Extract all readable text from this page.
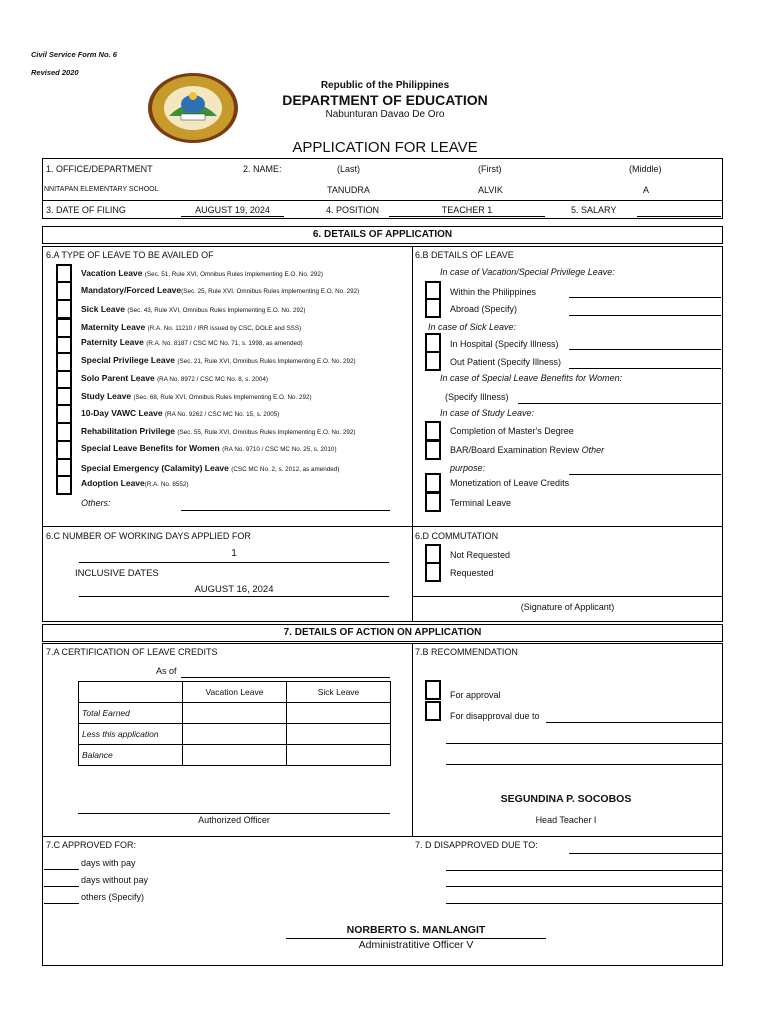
Civil Service Form No. 6
Revised 2020
Republic of the Philippines
DEPARTMENT OF EDUCATION
Nabunturan Davao De Oro
APPLICATION FOR LEAVE
1. OFFICE/DEPARTMENT	2. NAME:	(Last)	(First)	(Middle)
NNITAPAN ELEMENTARY SCHOOL	TANUDRA	ALVIK	A
3. DATE OF FILING	AUGUST 19, 2024	4. POSITION	TEACHER 1	5. SALARY
6. DETAILS OF APPLICATION
6.A TYPE OF LEAVE TO BE AVAILED OF	6.B DETAILS OF LEAVE
Vacation Leave (Sec. 51, Rule XVI, Omnibus Rules Implementing E.O. No. 292)
Mandatory/Forced Leave(Sec. 25, Rule XVI, Omnibus Rules Implementing E.O. No. 292)
Sick Leave (Sec. 43, Rule XVI, Omnibus Rules Implementing E.O. No. 292)
Maternity Leave (R.A. No. 11210 / IRR issued by CSC, DOLE and SSS)
Paternity Leave (R.A. No. 8187 / CSC MC No. 71, s. 1998, as amended)
Special Privilege Leave (Sec. 21, Rule XVI, Omnibus Rules Implementing E.O. No. 292)
Solo Parent Leave (RA No. 8972 / CSC MC No. 8, s. 2004)
Study Leave (Sec. 68, Rule XVI, Omnibus Rules Implementing E.O. No. 292)
10-Day VAWC Leave (RA No. 9262 / CSC MC No. 15, s. 2005)
Rehabilitation Privilege (Sec. 55, Rule XVI, Omnibus Rules Implementing E.O. No. 292)
Special Leave Benefits for Women (RA No. 9710 / CSC MC No. 25, s. 2010)
Special Emergency (Calamity) Leave (CSC MC No. 2, s. 2012, as amended)
Adoption Leave(R.A. No. 8552)
Others:
In case of Vacation/Special Privilege Leave:
Within the Philippines
Abroad (Specify)
In case of Sick Leave:
In Hospital (Specify Illness)
Out Patient (Specify Illness)
In case of Special Leave Benefits for Women:
(Specify Illness)
In case of Study Leave:
Completion of Master's Degree
BAR/Board Examination Review Other
purpose:
Monetization of Leave Credits
Terminal Leave
6.C NUMBER OF WORKING DAYS APPLIED FOR
1
INCLUSIVE DATES
AUGUST 16, 2024
6.D COMMUTATION
Not Requested
Requested
(Signature of Applicant)
7. DETAILS OF ACTION ON APPLICATION
7.A CERTIFICATION OF LEAVE CREDITS
As of
	Vacation Leave	Sick Leave
Total Earned		
Less this application		
Balance		
Authorized Officer
7.B RECOMMENDATION
For approval
For disapproval due to
SEGUNDINA P. SOCOBOS
Head Teacher I
7.C APPROVED FOR:
days with pay
days without pay
others (Specify)
7. D DISAPPROVED DUE TO:
NORBERTO S. MANLANGIT
Administratitive Officer V
